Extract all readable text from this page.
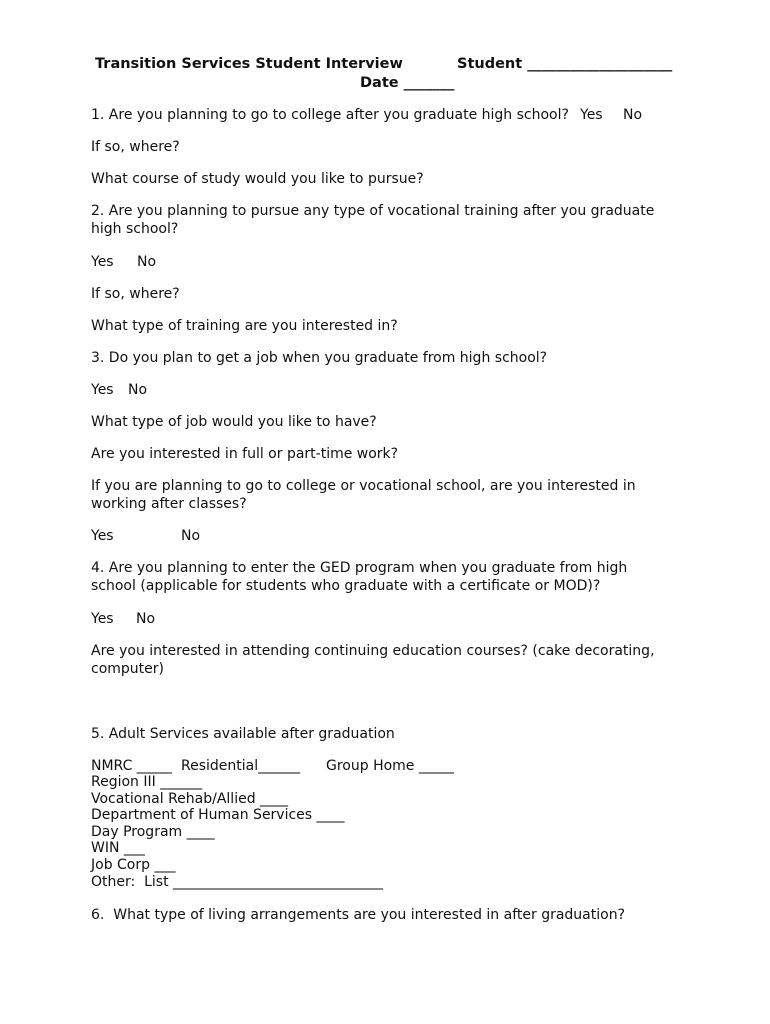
Transition Services Student Interview	Student ____________________
Date _______
1. Are you planning to go to college after you graduate high school? Yes No
If so, where?
What course of study would you like to pursue?
2. Are you planning to pursue any type of vocational training after you graduate high school?
Yes No
If so, where?
What type of training are you interested in?
3. Do you plan to get a job when you graduate from high school?
Yes No
What type of job would you like to have?
Are you interested in full or part-time work?
If you are planning to go to college or vocational school, are you interested in working after classes?
Yes	No
4. Are you planning to enter the GED program when you graduate from high school (applicable for students who graduate with a certificate or MOD)?
Yes No
Are you interested in attending continuing education courses? (cake decorating, computer)
5. Adult Services available after graduation
NMRC _____ Residential______ Group Home _____
Region III ______
Vocational Rehab/Allied ____
Department of Human Services ____
Day Program ____
WIN ___
Job Corp ___
Other:  List ______________________________
6.  What type of living arrangements are you interested in after graduation?
